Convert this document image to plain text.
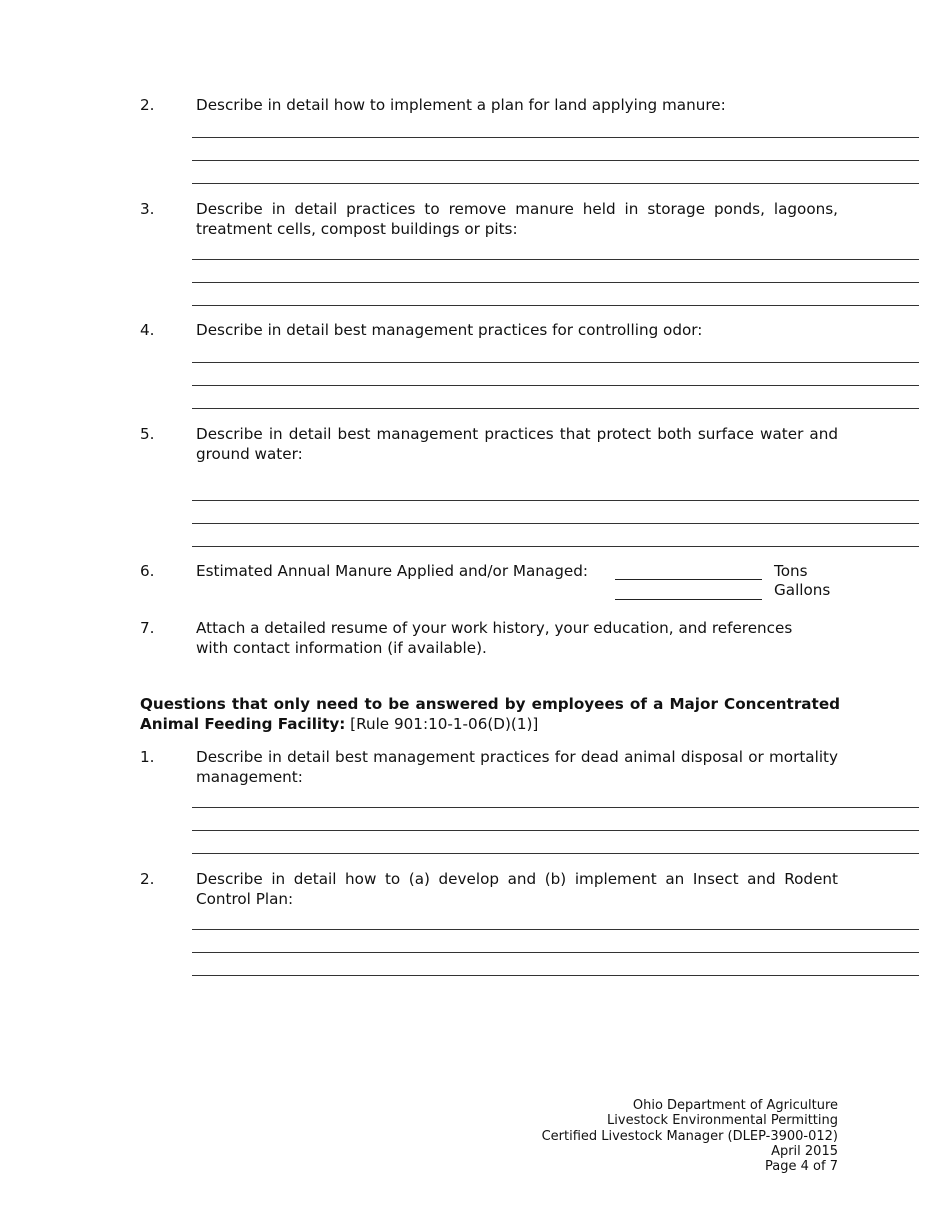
2.	Describe in detail how to implement a plan for land applying manure:
3.	Describe in detail practices to remove manure held in storage ponds, lagoons, treatment cells, compost buildings or pits:
4.	Describe in detail best management practices for controlling odor:
5.	Describe in detail best management practices that protect both surface water and ground water:
6.	Estimated Annual Manure Applied and/or Managed:	Tons
Gallons
7.	Attach a detailed resume of your work history, your education, and references with contact information (if available).
Questions that only need to be answered by employees of a Major Concentrated Animal Feeding Facility: [Rule 901:10-1-06(D)(1)]
1.	Describe in detail best management practices for dead animal disposal or mortality management:
2.	Describe in detail how to (a) develop and (b) implement an Insect and Rodent Control Plan:
Ohio Department of Agriculture
Livestock Environmental Permitting
Certified Livestock Manager (DLEP-3900-012)
April 2015
Page 4 of 7
